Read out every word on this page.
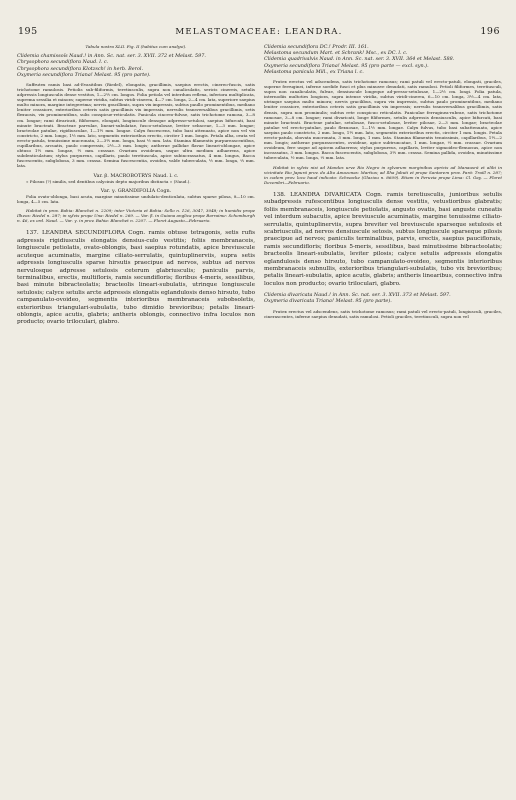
195	MELASTOMACEAE: LEANDRA.	196

Tabula nostra XLII. Fig. II (habitus cum analysi).

Clidemia chamissoïs Naud.! in Ann. Sc. nat. ser. 3. XVII. 372 et Melast. 597.

Chrysophora secundiflora Naud. l. c.

Chrysophora secundiflora Klotzsch! in herb. Berol.

Oxymeria secundiflora Triana! Melast. 95 (pro parte).

Suffrutex ramis basi ad-Evasitibus (Riedel), elongatis, gracillimis, saepius erectis, cinereo-fuscis, satis trichotome ramulosis. Petiolis sub-filiformis, teretiusculis, supra non canaliculatis, sericis cinereis, setulis adpressis longiusculis dense vestitos, 1—2½ cm. longos. Folia petiola vel interdum reflexa, inferiora multiplicata, suprema sessilia et minora; superne viridia, subtus viridi-cinerea, 4—7 cm. longa, 2—4 cm. lata, superiore saepius multo minora, margine integerrima; nervis gracillimis, supra vix impressis, subtus paullo prominentibus, mediano leniter crassiore, exterioribus ceteris satis gracillimis vix impressis, nervulis transversalibus gracillimis, setis flexuosis, vix prominentibus, sulis conspicue-reticulatis. Panicula cincreo-fulvae, satis trichotome ramosa, 3—8 cm. longae; rami divaricati, filiformes, elongati, longiuscule densque adpresse-setulosi, saepius bifurcati, basi minute bracteati. Bracteae parvulae, lineari-subulatae, fusco-setulosae, leviter sebaceae, 1—3 mm. longae; bracteolae patulae, rigidiusculae, 1—1½ mm. longae. Calyx fuscescens, tubo basi attenuato, apice non vel vix constricto, 2 mm. longo, 1½ mm. lato, segmentis exterioribus erectis, circiter 1 mm. longis. Petala alba, ovata vel erecto-patula, tenuissime mucronata, 2—3½ mm. longa, basi ½ mm. lata. Stamina filamentis purpureascentibus, cupillaribus, arcuatis, paulo compressis, 2½—3 mm. longis; antherae pallidae flavae lineari-oblongae, apice obtuso 1½ mm. longae, ½ mm. crassae. Ovarium ovoideum, usque ultra medium adhaerens, apice subdenticulatum; stylus purpureus, capillaris, paulo teretiuscula, apice subincrassatus, 4 mm. longus, Bacca fuscescentis, subglobosa, 3 mm. crassa. Semina fuscescentia, ovoidea, valde tuberculata, ½ mm. longa, ⅓ mm. lata.

Var. β. MACROBOTRYS Naud. l. c.

« Pilosus (?) similis, sed dentibus calycinis depto majoribus distincta » (Naud.).

Var. γ. GRANDIFOLIA Cogn.

Folia ovato-oblonga, basi acuta, margine minutissime undulato-denticulata, subtus sparse pilosa, 8—10 cm. longa, 4—5 cm. lata.

Habitat in prov. Bahia: Blanchet n. 2209; inter Victoria et Bahia: Sello n. 126, 3047, 3048; in humidis prope Ilheos: Riedel n. 287; in sylvis prope Una: Riedel n. 269. — Var. β. in Guiana anglica prope Barraime: Schomburgh n. 46, ex ord. Naud. — Var. γ. in prov. Bahia: Blanchet n. 2207. — Floret Augusto—Februario.

137. LEANDRA SECUNDIFLORA Cogn. ramis obtuse tetragonis, setis rufis adpressis rigidiusculis elongatis densius-culo vestitis; foliis membranaceis, longiuscule petiolatis, ovato-oblongis, basi saepius rotundatis, apice breviuscule acuteque acuminatis, margine ciliato-serrulatis, quintuplinerviis, supra setis adpressis longiusculis sparse hirsutis praecipue ad nervos, subtus ad nervos nervulosque adpresse setulosis ceterum glabriusculis; paniculis parvis, terminalibus, erectis, multifloris, ramis secundifloris; floribus 4-meris, sessilibus, basi minute bibracteolatis; bracteolis lineari-subulatis, utrinque longiuscule setulosis; calyce setulis arcte adpressis elongatis eglandulosis denso hirsuto, tubo campanulato-ovoideo, segmentis interioribus membranaceis subobsoletis, exterioribus triangulari-subulatis, tubo dimidio brevioribus; petalis lineari-oblongis, apice acutis, glabris; antheris oblongis, connectivo infra loculos non producto; ovario triloculari, glabro.

Clidemia secundiflora DC.! Prodr. III. 161.

Melastoma secundum Mart. et Schrank! Msc., ex DC. l. c.

Clidemia quadrivalvis Naud. in Ann. Sc. nat. ser. 3. XVII. 364 et Melast. 588.

Oxymeria secundiflora Triana! Melast. 95 (pro parte — excl. syn.).

Melastoma panicula Mill., ex Triana l. c.

Frutex erectus vel adscendens, satis trichotome ramosus; rami patuli vel erecto-patuli, elongati, graciles, superne ferruginei, inferne sordide fusci et plus minusve denudati, satis ramulosi. Petioli filiformes, teretiusculi, supra non canaliculatis, fulvae, densiuscule longeque ad-presso-setulosae, 1—2½ cm. longi. Folia patula, internodiis multoties longiora, supra intense viridia, subtus viridi-cinerea, 6—10 cm. longa, 3½—4 cm. lata, utrinque saepius multo minora; nervis gracilibus, supra vix impressis, subtus paulo prominentibus, mediano leniter crassiore, exterioribus ceteris satis gracillimis vix impressis; nervulis transversalibus gracillimis, satis densis, supra non prominulis; subtus rete conspicuo reticulatis. Paniculae ferruginea-rubrae, satis trichotome ramosae, 3—8 cm. longae; rami divaricati, longe filiformes, setulis adpressis densiusculis, apice bifurcati, basi minute bracteati. Bracteae patulae, setulosae, fusco-setulosae, leviter pilosae, 2—3 mm. longae; bracteolae patulae vel erecto-patulae, paulo flexuosae, 1—1½ mm. longae. Calyx fulvus, tubo basi subattenuato, apice saepius paulo constricto, 2 mm. longo, 1½ mm. lato, segmentis exterioribus erectis, circiter 1 mm. longis. Petala erecto-patula, obovata mucronata, 3 mm. longa, 1 mm. lata. Stamina filamentis tenuissimis, capillaribus, 1½—2 mm. longis; antherae purpurascentes, ovoideae, apice subtruncatae, 1 mm. longae, ⅓ mm. crassae. Ovarium ovoideum, fere usque ad apicem adhaerens; stylus purpureus, capillaris, leviter sigmoideo-flexuosus, apice non incrassatus, 3 mm. longus. Bacca fuscescentis, subglobosa, 3½ mm. crassa. Semina pallida, ovoidea, minutissime tuberculata, ½ mm. longa, ⅓ mm. lata.

Habitat in sylvis nisi ad Mandes urve Rio Negro in sylvarum marginibus apricis ad Manausrá et alibi in vicinitate Rio Japurá prov. do Alto Amazonas: Martius; ad Ilha Jabuti et prope Santarem prov. Pará: Traill n. 287; in codem prov. loco haud indicato: Schwacke (Glaziou n. 8609). Etiam in Peruvia prope Lima: Cl. Gay. — Floret Decembri—Februario.

138. LEANDRA DIVARICATA Cogn. ramis teretiusculis, junioribus setulis subadpressis rufescentibus longiusculis dense vestitis, vetustioribus glabratis; foliis membranaceis, longiuscule petiolatis, angusto ovatis, basi anguste cuneatis vel interdum subacutis, apice breviuscule acuminatis, margine tenuissime ciliato-serrulatis, quintuplinerviis, supra breviter vel breviuscule sparseque setulosis et scabriusculis, ad nervos densiuscule setosis, subtus longiuscule sparseque pilosis praecipue ad nervos; paniculis terminalibus, parvis, erectis, saepius pauciflorais, ramis secundifloris; floribus 5-meris, sessilibus, basi minutissime bibracteolatis; bracteolis lineari-subulatis, leviter pilosis; calyce setulis adpressis elongatis eglandulosis denso hirsuto, tubo campanulato-ovoideo, segmentis interioribus membranaceis subnullis, exterioribus triangulari-subulatis, tubo vix brevioribus; petalis lineari-subulatis, apice acutis, glabris; antheris linearibus, connectivo infra loculos non producto; ovario triloculari, glabro.

Clidemia divaricata Naud.! in Ann. Sc. nat. ser. 3. XVII. 373 et Melast. 597.

Oxymeria divaricata Triana! Melast. 95 (pro parte).

Frutex erectus vel adscendens, satis trichotome ramosus; rami patuli vel erecto-patuli, longiusculi, graciles, cinerascentes, inferne saepius denudati, satis ramulosi. Petioli graciles, teretiusculi, supra non vel
